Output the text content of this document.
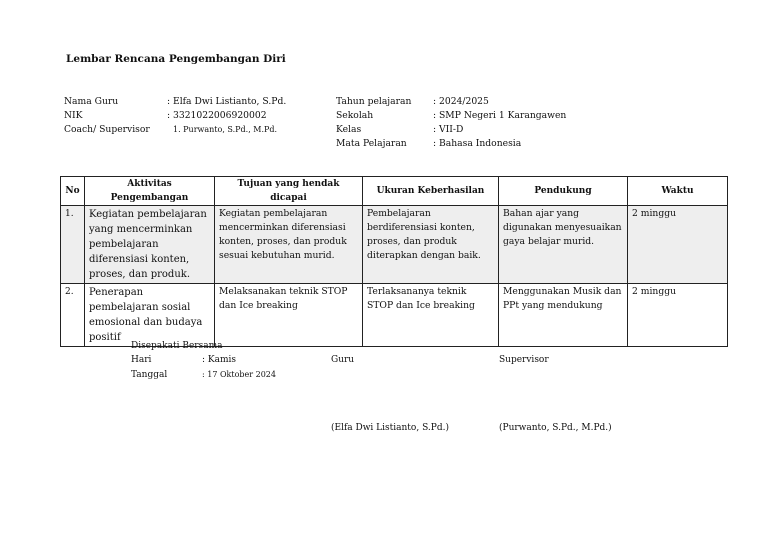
Lembar Rencana Pengembangan Diri
Nama Guru	: Elfa Dwi Listianto, S.Pd.
NIK	: 3321022006920002
Coach/ Supervisor	1. Purwanto, S.Pd., M.Pd.
Tahun pelajaran : 2024/2025
Sekolah	: SMP Negeri 1 Karangawen
Kelas	: VII-D
Mata Pelajaran	: Bahasa Indonesia
No	Aktivitas Pengembangan	Tujuan yang hendak dicapai	Ukuran Keberhasilan	Pendukung	Waktu
1.	Kegiatan pembelajaran yang mencerminkan pembelajaran diferensiasi konten, proses, dan produk.	Kegiatan pembelajaran mencerminkan diferensiasi konten, proses, dan produk sesuai kebutuhan murid.	Pembelajaran berdiferensiasi konten, proses, dan produk diterapkan dengan baik.	Bahan ajar yang digunakan menyesuaikan gaya belajar murid.	2 minggu
2.	Penerapan pembelajaran sosial emosional dan budaya positif	Melaksanakan teknik STOP dan Ice breaking	Terlaksananya teknik STOP dan Ice breaking	Menggunakan Musik dan PPt yang mendukung	2 minggu
Disepakati Bersama
Hari	: Kamis
Tanggal	: 17 Oktober 2024
Guru	Supervisor
(Elfa Dwi Listianto, S.Pd.)	(Purwanto, S.Pd., M.Pd.)
